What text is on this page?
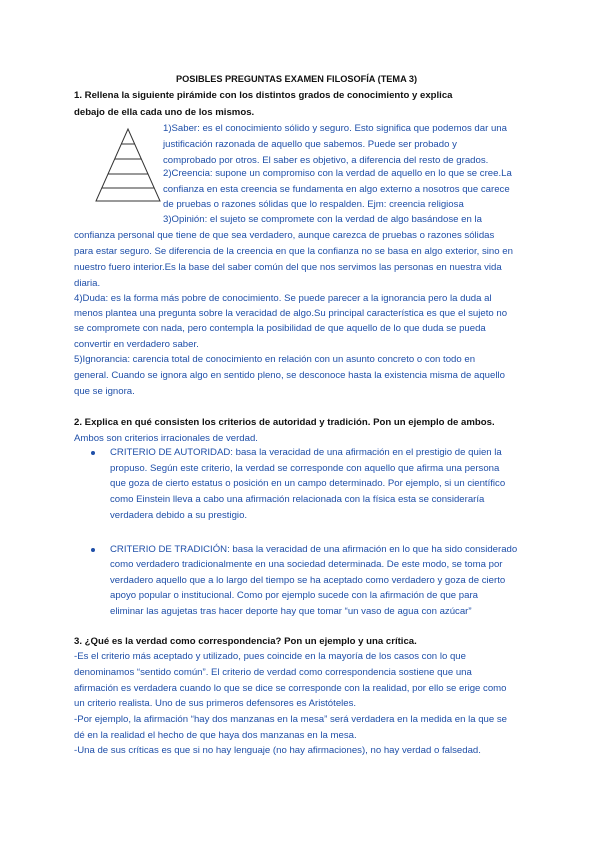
POSIBLES PREGUNTAS EXAMEN FILOSOFÍA (TEMA 3)
1. Rellena la siguiente pirámide con los distintos grados de conocimiento y explica
debajo de ella cada uno de los mismos.
1)Saber: es el conocimiento sólido y seguro. Esto significa que podemos dar una
justificación razonada de aquello que sabemos. Puede ser probado y
comprobado por otros. El saber es objetivo, a diferencia del resto de grados.
2)Creencia: supone un compromiso con la verdad de aquello en lo que se cree.La
confianza en esta creencia se fundamenta en algo externo a nosotros que carece
de pruebas o razones sólidas que lo respalden. Ejm: creencia religiosa
3)Opinión: el sujeto se compromete con la verdad de algo basándose en la
confianza personal que tiene de que sea verdadero, aunque carezca de pruebas o razones sólidas
para estar seguro. Se diferencia de la creencia en que la confianza no se basa en algo exterior, sino en
nuestro fuero interior.Es la base del saber común del que nos servimos las personas en nuestra vida
diaria.
4)Duda: es la forma más pobre de conocimiento. Se puede parecer a la ignorancia pero la duda al
menos plantea una pregunta sobre la veracidad de algo.Su principal característica es que el sujeto no
se compromete con nada, pero contempla la posibilidad de que aquello de lo que duda se pueda
convertir en verdadero saber.
5)Ignorancia: carencia total de conocimiento en relación con un asunto concreto o con todo en
general. Cuando se ignora algo en sentido pleno, se desconoce hasta la existencia misma de aquello
que se ignora.
2. Explica en qué consisten los criterios de autoridad y tradición. Pon un ejemplo de ambos.
Ambos son criterios irracionales de verdad.
CRITERIO DE AUTORIDAD: basa la veracidad de una afirmación en el prestigio de quien la
propuso. Según este criterio, la verdad se corresponde con aquello que afirma una persona
que goza de cierto estatus o posición en un campo determinado. Por ejemplo, si un científico
como Einstein lleva a cabo una afirmación relacionada con la física esta se consideraría
verdadera debido a su prestigio.
CRITERIO DE TRADICIÓN: basa la veracidad de una afirmación en lo que ha sido considerado
como verdadero tradicionalmente en una sociedad determinada. De este modo, se toma por
verdadero aquello que a lo largo del tiempo se ha aceptado como verdadero y goza de cierto
apoyo popular o institucional. Como por ejemplo sucede con la afirmación de que para
eliminar las agujetas tras hacer deporte hay que tomar “un vaso de agua con azúcar”
3. ¿Qué es la verdad como correspondencia? Pon un ejemplo y una crítica.
-Es el criterio más aceptado y utilizado, pues coincide en la mayoría de los casos con lo que
denominamos “sentido común”. El criterio de verdad como correspondencia sostiene que una
afirmación es verdadera cuando lo que se dice se corresponde con la realidad, por ello se erige como
un criterio realista. Uno de sus primeros defensores es Aristóteles.
-Por ejemplo, la afirmación “hay dos manzanas en la mesa” será verdadera en la medida en la que se
dé en la realidad el hecho de que haya dos manzanas en la mesa.
-Una de sus críticas es que si no hay lenguaje (no hay afirmaciones), no hay verdad o falsedad.
